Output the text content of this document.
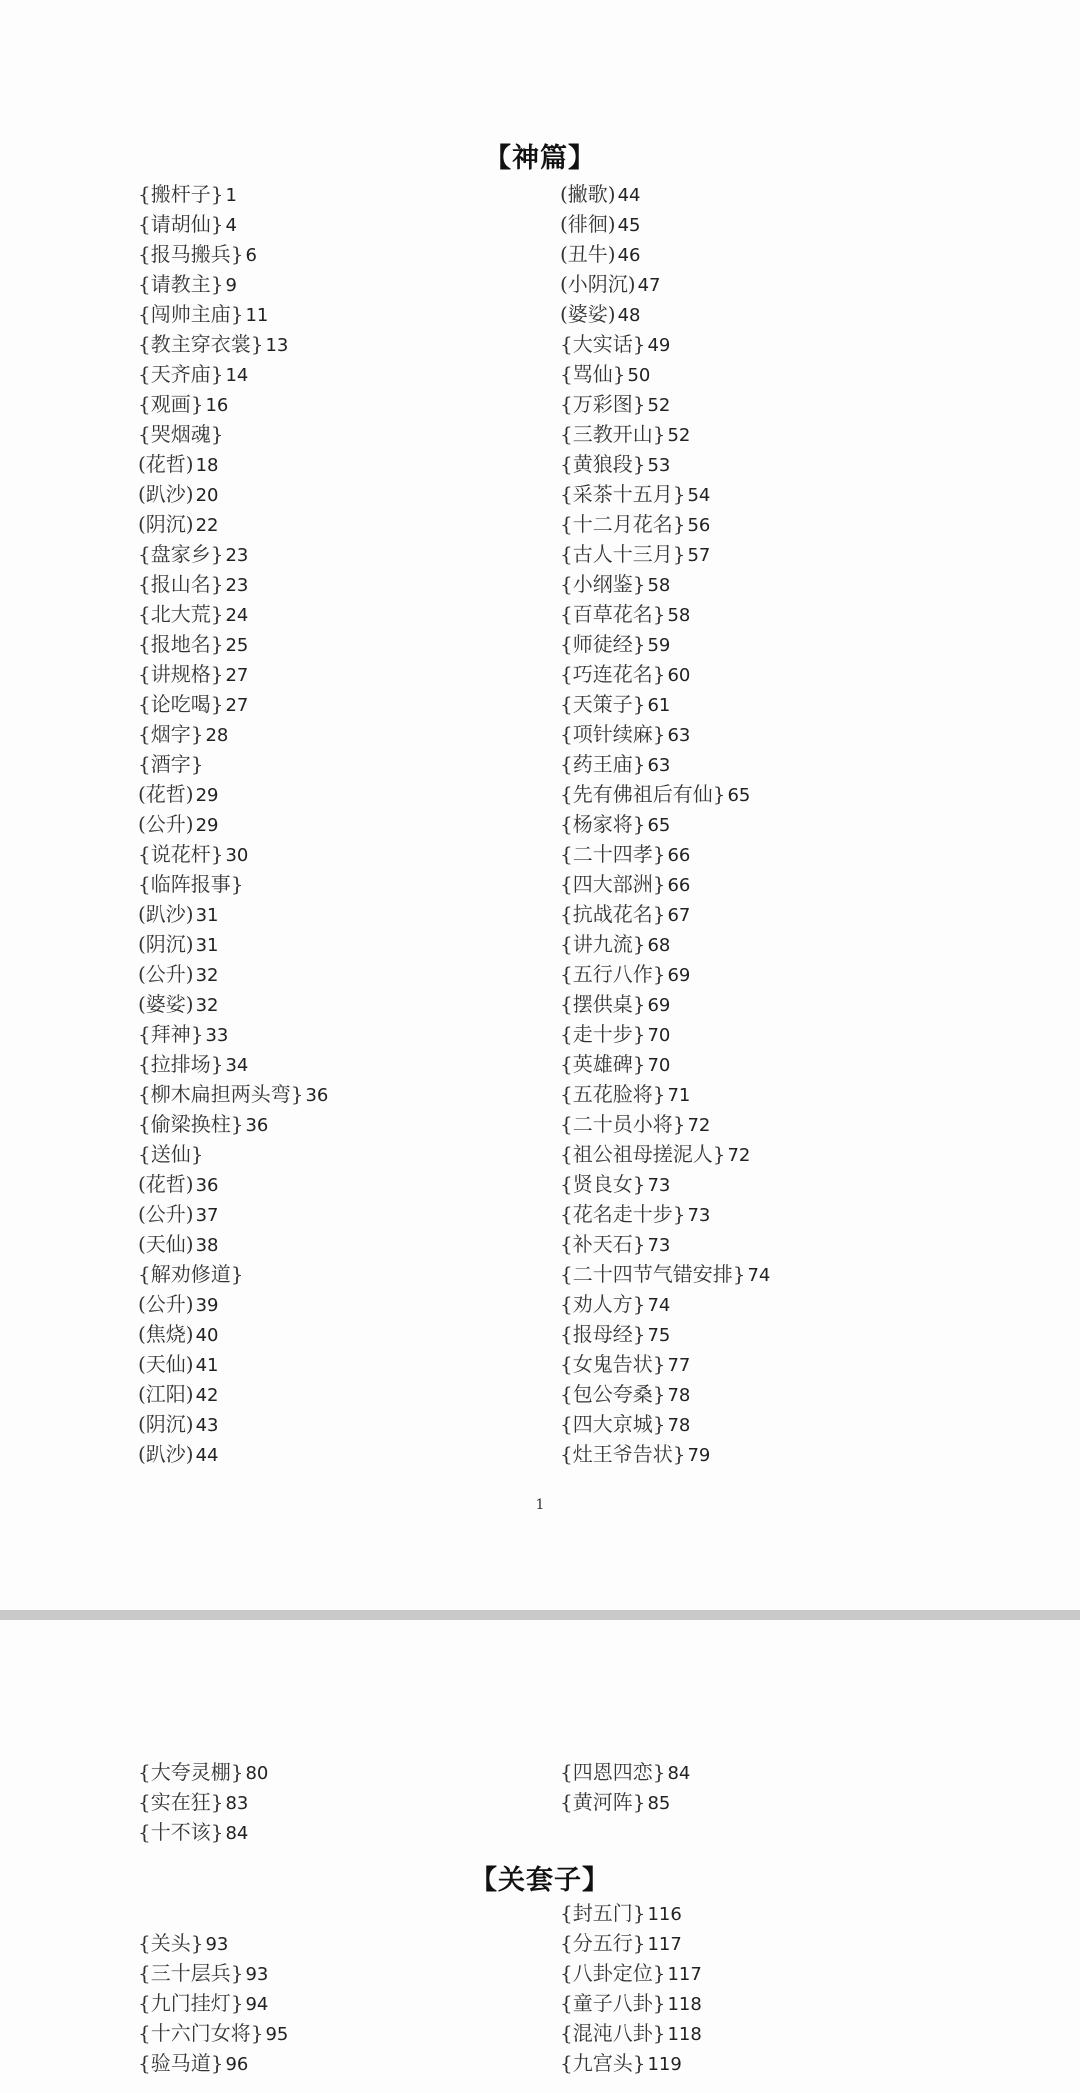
【神篇】
{搬杆子} 1
{请胡仙} 4
{报马搬兵} 6
{请教主} 9
{闯帅主庙} 11
{教主穿衣裳} 13
{天齐庙} 14
{观画} 16
{哭烟魂}
(花哲) 18
(趴沙) 20
(阴沉) 22
{盘家乡} 23
{报山名} 23
{北大荒} 24
{报地名} 25
{讲规格} 27
{论吃喝} 27
{烟字} 28
{酒字}
(花哲) 29
(公升) 29
{说花杆} 30
{临阵报事}
(趴沙) 31
(阴沉) 31
(公升) 32
(婆娑) 32
{拜神} 33
{拉排场} 34
{柳木扁担两头弯} 36
{偷梁换柱} 36
{送仙}
(花哲) 36
(公升) 37
(天仙) 38
{解劝修道}
(公升) 39
(焦烧) 40
(天仙) 41
(江阳) 42
(阴沉) 43
(趴沙) 44
(撇歌) 44
(徘徊) 45
(丑牛) 46
(小阴沉) 47
(婆娑) 48
{大实话} 49
{骂仙} 50
{万彩图} 52
{三教开山} 52
{黄狼段} 53
{采茶十五月} 54
{十二月花名} 56
{古人十三月} 57
{小纲鉴} 58
{百草花名} 58
{师徒经} 59
{巧连花名} 60
{天策子} 61
{项针续麻} 63
{药王庙} 63
{先有佛祖后有仙} 65
{杨家将} 65
{二十四孝} 66
{四大部洲} 66
{抗战花名} 67
{讲九流} 68
{五行八作} 69
{摆供桌} 69
{走十步} 70
{英雄碑} 70
{五花脸将} 71
{二十员小将} 72
{祖公祖母搓泥人} 72
{贤良女} 73
{花名走十步} 73
{补天石} 73
{二十四节气错安排} 74
{劝人方} 74
{报母经} 75
{女鬼告状} 77
{包公夸桑} 78
{四大京城} 78
{灶王爷告状} 79
1
{大夸灵棚} 80
{实在狂} 83
{十不该} 84
{四恩四恋} 84
{黄河阵} 85
【关套子】
{关头} 93
{三十层兵} 93
{九门挂灯} 94
{十六门女将} 95
{验马道} 96
{封五门} 116
{分五行} 117
{八卦定位} 117
{童子八卦} 118
{混沌八卦} 118
{九宫头} 119
